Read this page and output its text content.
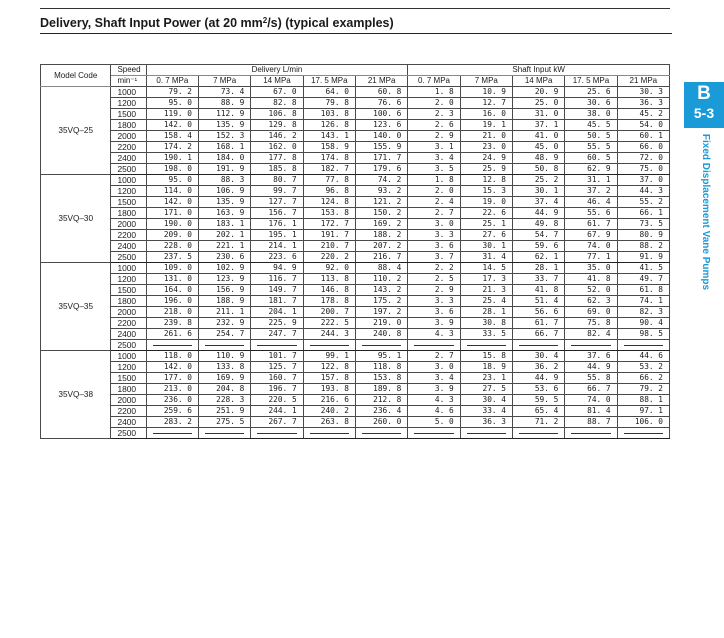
Delivery, Shaft Input Power (at 20 $mm^2/s$) (typical examples)
Model Code	Speed	Delivery L/min					Shaft Input kW				
	min⁻¹	0. 7 MPa	7 MPa	14 MPa	17. 5 MPa	21 MPa	0. 7 MPa	7 MPa	14 MPa	17. 5 MPa	21 MPa
35VQ–25	1000	79. 2	73. 4	67. 0	64. 0	60. 8	1. 8	10. 9	20. 9	25. 6	30. 3
	1200	95. 0	88. 9	82. 8	79. 8	76. 6	2. 0	12. 7	25. 0	30. 6	36. 3
	1500	119. 0	112. 9	106. 8	103. 8	100. 6	2. 3	16. 0	31. 0	38. 0	45. 2
	1800	142. 0	135. 9	129. 8	126. 8	123. 6	2. 6	19. 1	37. 1	45. 5	54. 0
	2000	158. 4	152. 3	146. 2	143. 1	140. 0	2. 9	21. 0	41. 0	50. 5	60. 1
	2200	174. 2	168. 1	162. 0	158. 9	155. 9	3. 1	23. 0	45. 0	55. 5	66. 0
	2400	190. 1	184. 0	177. 8	174. 8	171. 7	3. 4	24. 9	48. 9	60. 5	72. 0
	2500	198. 0	191. 9	185. 8	182. 7	179. 6	3. 5	25. 9	50. 8	62. 9	75. 0
35VQ–30	1000	95. 0	88. 3	80. 7	77. 8	74. 2	1. 8	12. 8	25. 2	31. 1	37. 0
	1200	114. 0	106. 9	99. 7	96. 8	93. 2	2. 0	15. 3	30. 1	37. 2	44. 3
	1500	142. 0	135. 9	127. 7	124. 8	121. 2	2. 4	19. 0	37. 4	46. 4	55. 2
	1800	171. 0	163. 9	156. 7	153. 8	150. 2	2. 7	22. 6	44. 9	55. 6	66. 1
	2000	190. 0	183. 1	176. 1	172. 7	169. 2	3. 0	25. 1	49. 8	61. 7	73. 5
	2200	209. 0	202. 1	195. 1	191. 7	188. 2	3. 3	27. 6	54. 7	67. 9	80. 9
	2400	228. 0	221. 1	214. 1	210. 7	207. 2	3. 6	30. 1	59. 6	74. 0	88. 2
	2500	237. 5	230. 6	223. 6	220. 2	216. 7	3. 7	31. 4	62. 1	77. 1	91. 9
35VQ–35	1000	109. 0	102. 9	94. 9	92. 0	88. 4	2. 2	14. 5	28. 1	35. 0	41. 5
	1200	131. 0	123. 9	116. 7	113. 8	110. 2	2. 5	17. 3	33. 7	41. 8	49. 7
	1500	164. 0	156. 9	149. 7	146. 8	143. 2	2. 9	21. 3	41. 8	52. 0	61. 8
	1800	196. 0	188. 9	181. 7	178. 8	175. 2	3. 3	25. 4	51. 4	62. 3	74. 1
	2000	218. 0	211. 1	204. 1	200. 7	197. 2	3. 6	28. 1	56. 6	69. 0	82. 3
	2200	239. 8	232. 9	225. 9	222. 5	219. 0	3. 9	30. 8	61. 7	75. 8	90. 4
	2400	261. 6	254. 7	247. 7	244. 3	240. 8	4. 3	33. 5	66. 7	82. 4	98. 5
	2500	

35VQ–38	1000	118. 0	110. 9	101. 7	99. 1	95. 1	2. 7	15. 8	30. 4	37. 6	44. 6
	1200	142. 0	133. 8	125. 7	122. 8	118. 8	3. 0	18. 9	36. 2	44. 9	53. 2
	1500	177. 0	169. 9	160. 7	157. 8	153. 8	3. 4	23. 1	44. 9	55. 8	66. 2
	1800	213. 0	204. 8	196. 7	193. 8	189. 8	3. 9	27. 5	53. 6	66. 7	79. 2
	2000	236. 0	228. 3	220. 5	216. 6	212. 8	4. 3	30. 4	59. 5	74. 0	88. 1
	2200	259. 6	251. 9	244. 1	240. 2	236. 4	4. 6	33. 4	65. 4	81. 4	97. 1
	2400	283. 2	275. 5	267. 7	263. 8	260. 0	5. 0	36. 3	71. 2	88. 7	106. 0
	2500	

B
5-3
Fixed Displacement Vane Pumps
